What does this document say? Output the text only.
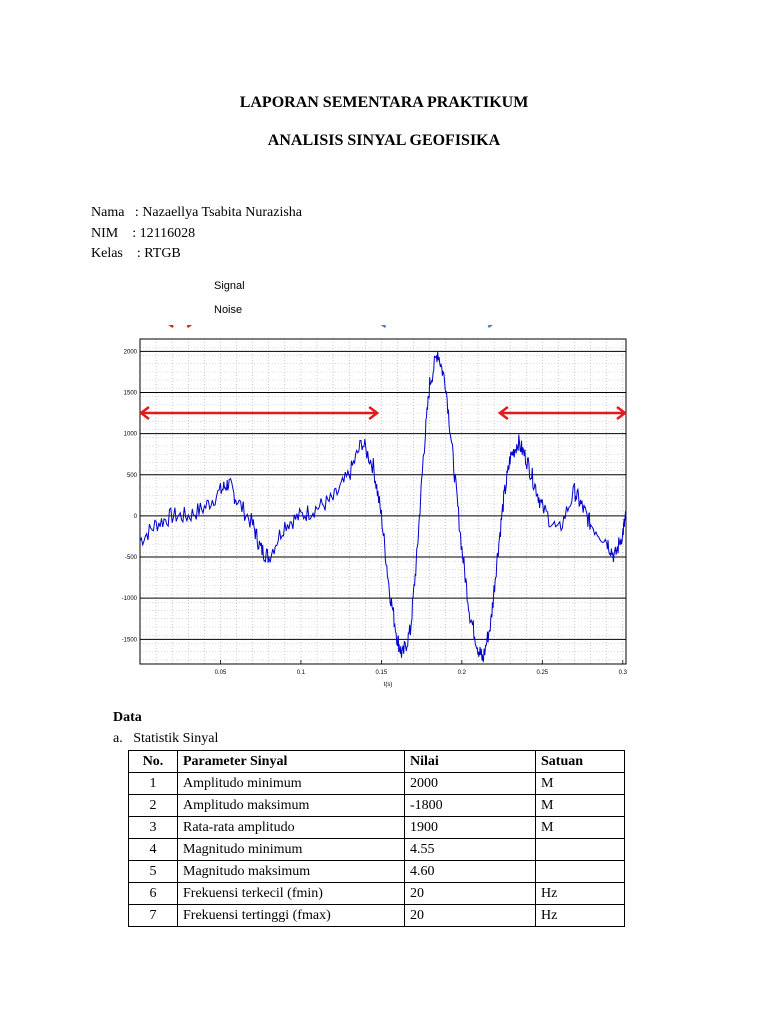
LAPORAN SEMENTARA PRAKTIKUM
ANALISIS SINYAL GEOFISIKA
Nama   : Nazaellya Tsabita Nurazisha
NIM    : 12116028
Kelas    : RTGB
Signal
Noise
2000
1500
1000
500
0
-500
-1000
-1500
0.05	0.1	0.15	0.2	0.25	0.3
t(s)
Data
a.   Statistik Sinyal
No.	Parameter Sinyal	Nilai	Satuan
1	Amplitudo minimum	2000	M
2	Amplitudo maksimum	-1800	M
3	Rata-rata amplitudo	1900	M
4	Magnitudo minimum	4.55	
5	Magnitudo maksimum	4.60	
6	Frekuensi terkecil (fmin)	20	Hz
7	Frekuensi tertinggi (fmax)	20	Hz
